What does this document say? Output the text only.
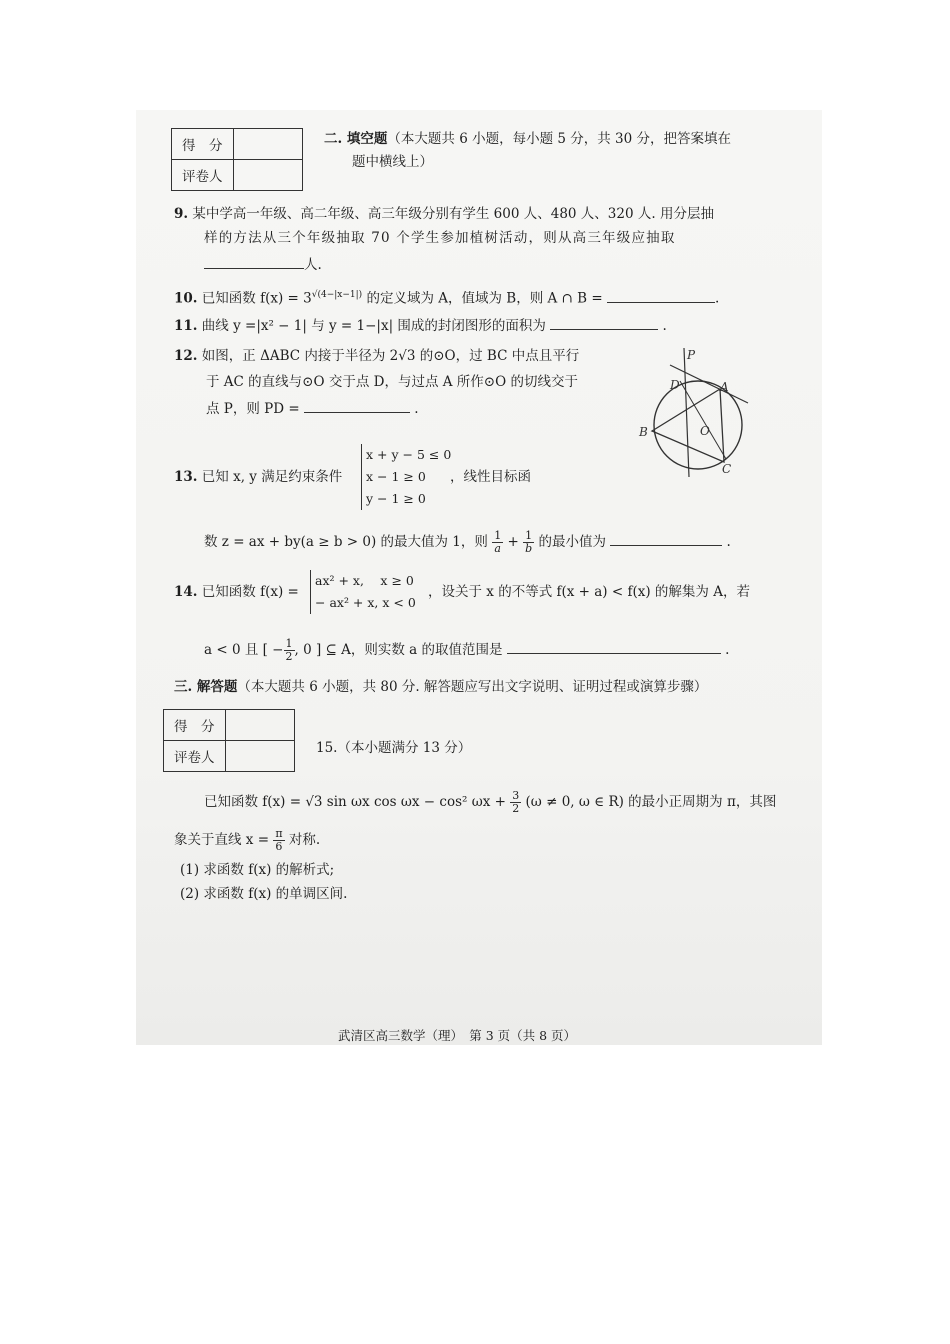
得　分	
评卷人	
二. 填空题（本大题共 6 小题，每小题 5 分，共 30 分，把答案填在
题中横线上）
9. 某中学高一年级、高二年级、高三年级分别有学生 600 人、480 人、320 人. 用分层抽
样的方法从三个年级抽取 70 个学生参加植树活动，则从高三年级应抽取
人.
10. 已知函数 $f(x) = 3^{√(4-|x-1|)}$ 的定义域为 A，值域为 B，则 A ∩ B =	.
11. 曲线 y =|x² − 1| 与 y = 1−|x| 围成的封闭图形的面积为	.
12. 如图，正 ΔABC 内接于半径为 2√3 的⊙O，过 BC 中点且平行
于 AC 的直线与⊙O 交于点 D，与过点 A 所作⊙O 的切线交于
点 P，则 PD =	.
P
D	A
B	O
C
13. 已知 x, y 满足约束条件
x + y − 5 ≤ 0
x − 1 ≥ 0
y − 1 ≥ 0
，线性目标函
数 z = ax + by(a ≥ b > 0) 的最大值为 1，则 $\frac{1}{a} + \frac{1}{b}$ 的最小值为	.
14. 已知函数 f(x) =
ax² + x,　 x ≥ 0
− ax² + x, x < 0
，设关于 x 的不等式 f(x + a) < f(x) 的解集为 A，若
a < 0 且 [ − $\frac{1}{2}$ , 0 ] ⊆ A，则实数 a 的取值范围是	.
三. 解答题（本大题共 6 小题，共 80 分. 解答题应写出文字说明、证明过程或演算步骤）
得　分	
评卷人	
15.（本小题满分 13 分）
已知函数 f(x) = √3 sin ωx cos ωx − cos² $\omega x + \frac{3}{2} (\omega \ne 0$, ω ∈ R) 的最小正周期为 π，其图
象关于直线 $x = \frac{\pi}{6}$ 对称.
(1) 求函数 f(x) 的解析式;
(2) 求函数 f(x) 的单调区间.
武清区高三数学（理）　第 3 页（共 8 页）
